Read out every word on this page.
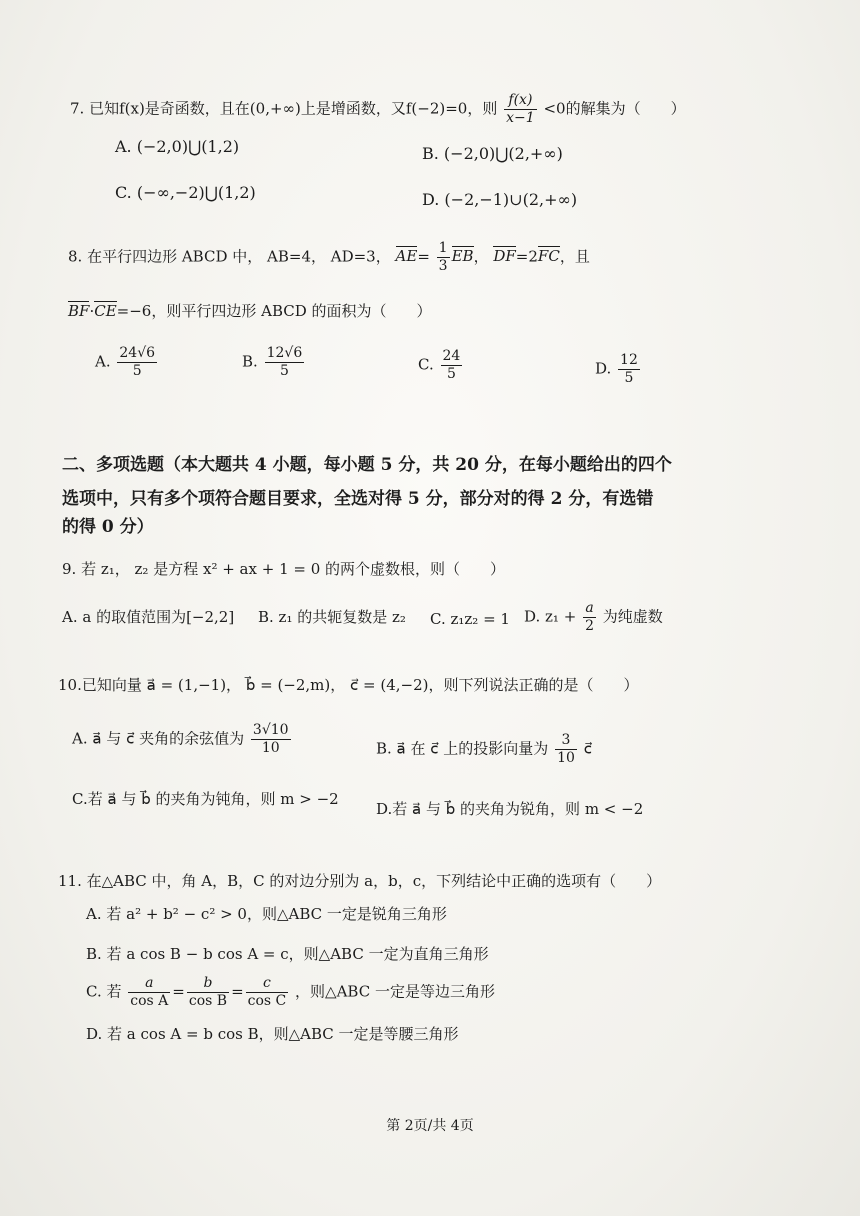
7. 已知f(x)是奇函数，且在(0,+∞)上是增函数，又f(−2)=0，则 $\frac{f(x)}{x-1} <0$的解集为（　　）
A. (−2,0)⋃(1,2)	B. (−2,0)⋃(2,+∞)
C. (−∞,−2)⋃(1,2)	D. (−2,−1)∪(2,+∞)
8. 在平行四边形 ABCD 中， AB=4， AD=3， $AE= \frac{1}{3}$ EB， DF=2FC，且
BF·CE=−6，则平行四边形 ABCD 的面积为（　　）
A. $\frac{24√6}{5}$	B. $\frac{12√6}{5}$	C. $\frac{24}{5}$	D. $\frac{12}{5}$
二、多项选题（本大题共 4 小题，每小题 5 分，共 20 分，在每小题给出的四个
选项中，只有多个项符合题目要求，全选对得 5 分，部分对的得 2 分，有选错
的得 0 分）
9. 若 z₁， z₂ 是方程 x² + ax + 1 = 0 的两个虚数根，则（　　）
A. a 的取值范围为[−2,2] B. z₁ 的共轭复数是 z₂ C. z₁z₂ = 1 D. $z_1 + \frac{a}{2}$ 为纯虚数
10.已知向量 a⃗ = (1,−1)， b⃗ = (−2,m)， c⃗ = (4,−2)，则下列说法正确的是（　　）
A. a⃗ 与 c⃗ 夹角的余弦值为 $\frac{3√10}{10}$	B. a⃗ 在 c⃗ 上的投影向量为 $\frac{3}{10}$ c⃗
C.若 a⃗ 与 b⃗ 的夹角为钝角，则 m > −2
D.若 a⃗ 与 b⃗ 的夹角为锐角，则 m < −2
11. 在△ABC 中，角 A，B，C 的对边分别为 a，b，c，下列结论中正确的选项有（　　）
A. 若 a² + b² − c² > 0，则△ABC 一定是锐角三角形
B. 若 a cos B − b cos A = c，则△ABC 一定为直角三角形
C. 若 $\frac{a}{\text{cos A}} = \frac{b}{\text{cos B}} = \frac{c}{\text{cos C}}$ ，则△ABC 一定是等边三角形
D. 若 a cos A = b cos B，则△ABC 一定是等腰三角形
第 2页/共 4页
